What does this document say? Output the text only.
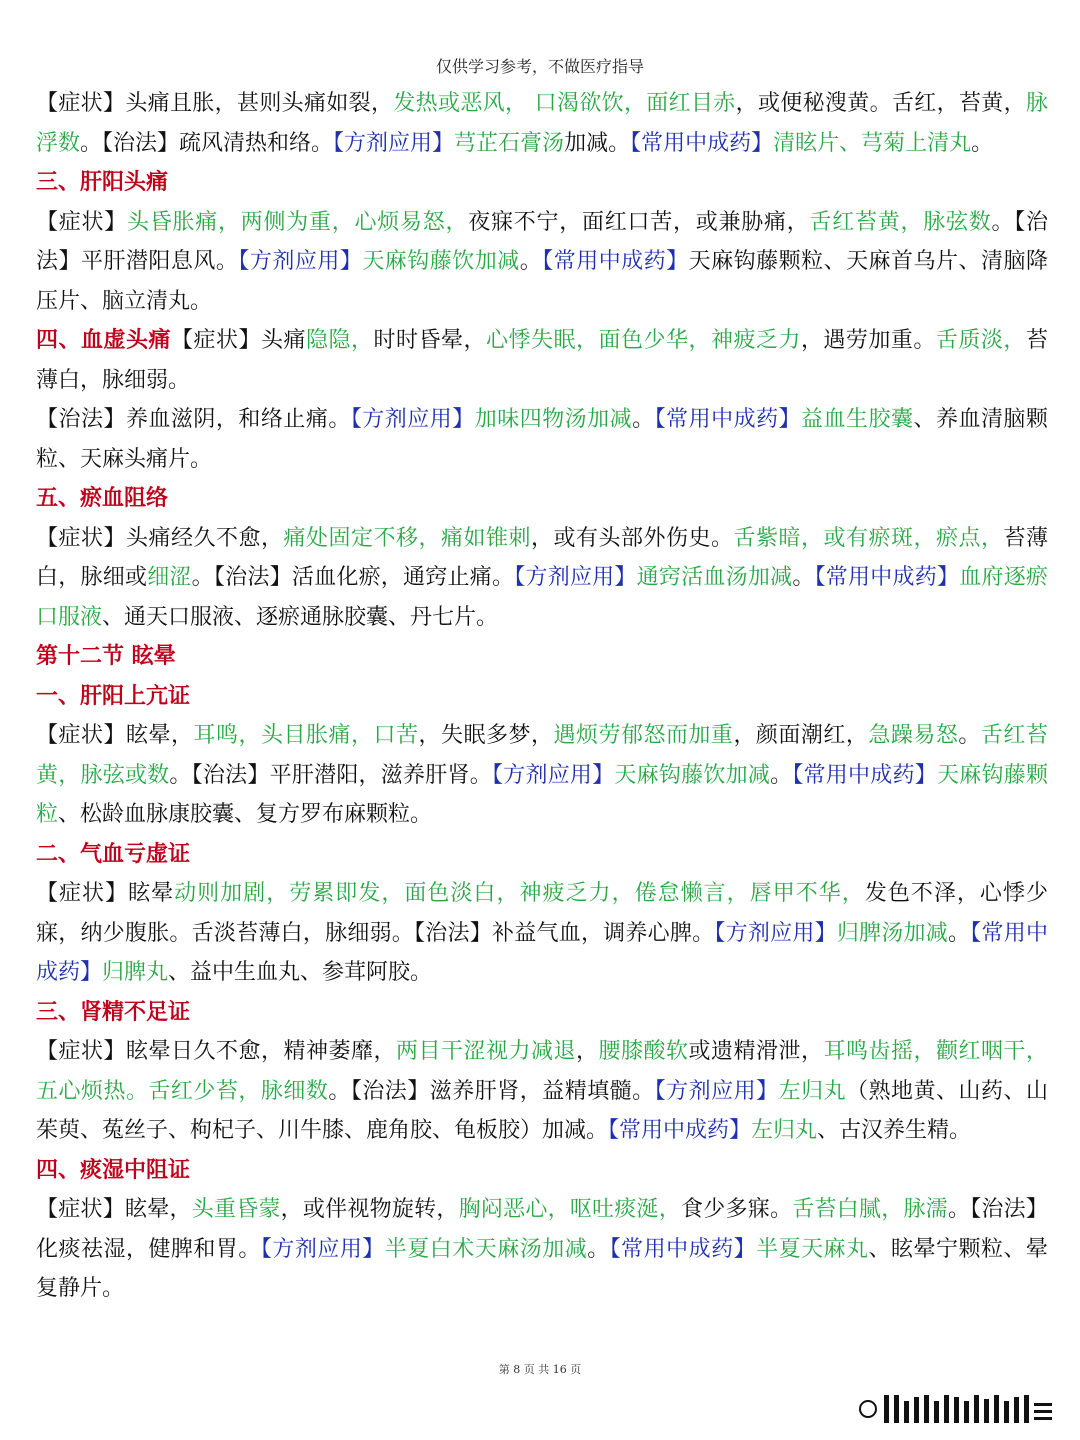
仅供学习参考，不做医疗指导

【症状】头痛且胀，甚则头痛如裂，发热或恶风， 口渴欲饮，面红目赤，或便秘溲黄。舌红，苔黄，脉浮数。【治法】疏风清热和络。【方剂应用】芎芷石膏汤加减。【常用中成药】清眩片、芎菊上清丸。

三、肝阳头痛

【症状】头昏胀痛，两侧为重，心烦易怒，夜寐不宁，面红口苦，或兼胁痛，舌红苔黄，脉弦数。【治法】平肝潜阳息风。【方剂应用】天麻钩藤饮加减。【常用中成药】天麻钩藤颗粒、天麻首乌片、清脑降压片、脑立清丸。

四、血虚头痛【症状】头痛隐隐，时时昏晕，心悸失眠，面色少华，神疲乏力，遇劳加重。舌质淡，苔薄白，脉细弱。

【治法】养血滋阴，和络止痛。【方剂应用】加味四物汤加减。【常用中成药】益血生胶囊、养血清脑颗粒、天麻头痛片。

五、瘀血阻络

【症状】头痛经久不愈，痛处固定不移，痛如锥刺，或有头部外伤史。舌紫暗，或有瘀斑，瘀点，苔薄白，脉细或细涩。【治法】活血化瘀，通窍止痛。【方剂应用】通窍活血汤加减。【常用中成药】血府逐瘀口服液、通天口服液、逐瘀通脉胶囊、丹七片。

第十二节 眩晕

一、肝阳上亢证

【症状】眩晕，耳鸣，头目胀痛，口苦，失眠多梦，遇烦劳郁怒而加重，颜面潮红，急躁易怒。舌红苔黄，脉弦或数。【治法】平肝潜阳，滋养肝肾。【方剂应用】天麻钩藤饮加减。【常用中成药】天麻钩藤颗粒、松龄血脉康胶囊、复方罗布麻颗粒。

二、气血亏虚证

【症状】眩晕动则加剧，劳累即发，面色淡白，神疲乏力，倦怠懒言，唇甲不华，发色不泽，心悸少寐，纳少腹胀。舌淡苔薄白，脉细弱。【治法】补益气血，调养心脾。【方剂应用】归脾汤加减。【常用中成药】归脾丸、益中生血丸、参茸阿胶。

三、肾精不足证

【症状】眩晕日久不愈，精神萎靡，两目干涩视力减退，腰膝酸软或遗精滑泄，耳鸣齿摇，颧红咽干，五心烦热。舌红少苔，脉细数。【治法】滋养肝肾，益精填髓。【方剂应用】左归丸（熟地黄、山药、山茱萸、菟丝子、枸杞子、川牛膝、鹿角胶、龟板胶）加减。【常用中成药】左归丸、古汉养生精。

四、痰湿中阻证

【症状】眩晕，头重昏蒙，或伴视物旋转，胸闷恶心，呕吐痰涎，食少多寐。舌苔白腻，脉濡。【治法】化痰祛湿，健脾和胃。【方剂应用】半夏白术天麻汤加减。【常用中成药】半夏天麻丸、眩晕宁颗粒、晕复静片。

第 8 页 共 16 页
